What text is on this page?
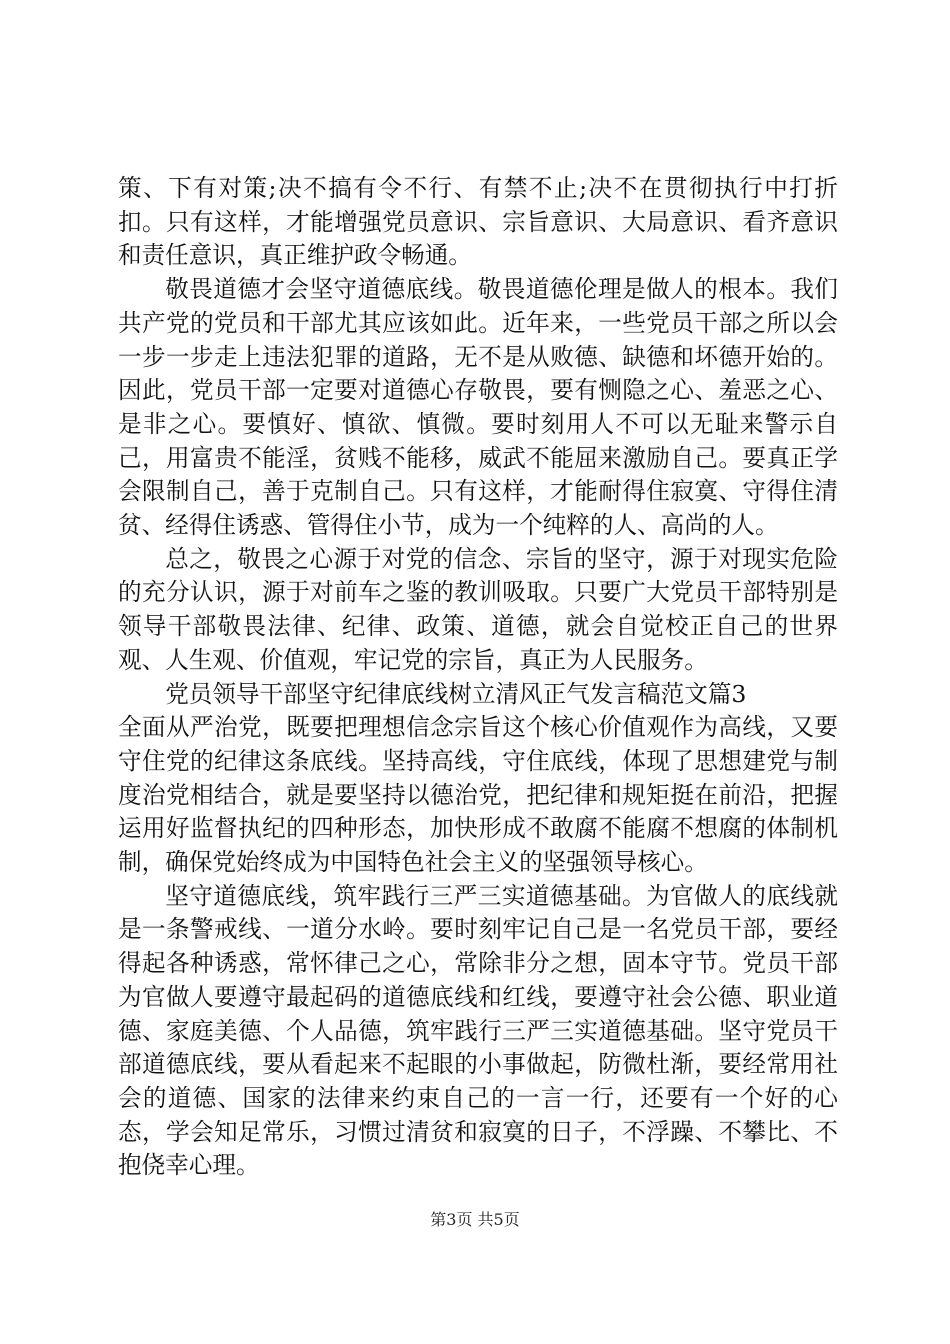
策、下有对策;决不搞有令不行、有禁不止;决不在贯彻执行中打折扣。只有这样，才能增强党员意识、宗旨意识、大局意识、看齐意识和责任意识，真正维护政令畅通。

敬畏道德才会坚守道德底线。敬畏道德伦理是做人的根本。我们共产党的党员和干部尤其应该如此。近年来，一些党员干部之所以会一步一步走上违法犯罪的道路，无不是从败德、缺德和坏德开始的。因此，党员干部一定要对道德心存敬畏，要有恻隐之心、羞恶之心、是非之心。要慎好、慎欲、慎微。要时刻用人不可以无耻来警示自己，用富贵不能淫，贫贱不能移，威武不能屈来激励自己。要真正学会限制自己，善于克制自己。只有这样，才能耐得住寂寞、守得住清贫、经得住诱惑、管得住小节，成为一个纯粹的人、高尚的人。

总之，敬畏之心源于对党的信念、宗旨的坚守，源于对现实危险的充分认识，源于对前车之鉴的教训吸取。只要广大党员干部特别是领导干部敬畏法律、纪律、政策、道德，就会自觉校正自己的世界观、人生观、价值观，牢记党的宗旨，真正为人民服务。

党员领导干部坚守纪律底线树立清风正气发言稿范文篇3

全面从严治党，既要把理想信念宗旨这个核心价值观作为高线，又要守住党的纪律这条底线。坚持高线，守住底线，体现了思想建党与制度治党相结合，就是要坚持以德治党，把纪律和规矩挺在前沿，把握运用好监督执纪的四种形态，加快形成不敢腐不能腐不想腐的体制机制，确保党始终成为中国特色社会主义的坚强领导核心。

坚守道德底线，筑牢践行三严三实道德基础。为官做人的底线就是一条警戒线、一道分水岭。要时刻牢记自己是一名党员干部，要经得起各种诱惑，常怀律己之心，常除非分之想，固本守节。党员干部为官做人要遵守最起码的道德底线和红线，要遵守社会公德、职业道德、家庭美德、个人品德，筑牢践行三严三实道德基础。坚守党员干部道德底线，要从看起来不起眼的小事做起，防微杜渐，要经常用社会的道德、国家的法律来约束自己的一言一行，还要有一个好的心态，学会知足常乐，习惯过清贫和寂寞的日子，不浮躁、不攀比、不抱侥幸心理。

第3页 共5页
